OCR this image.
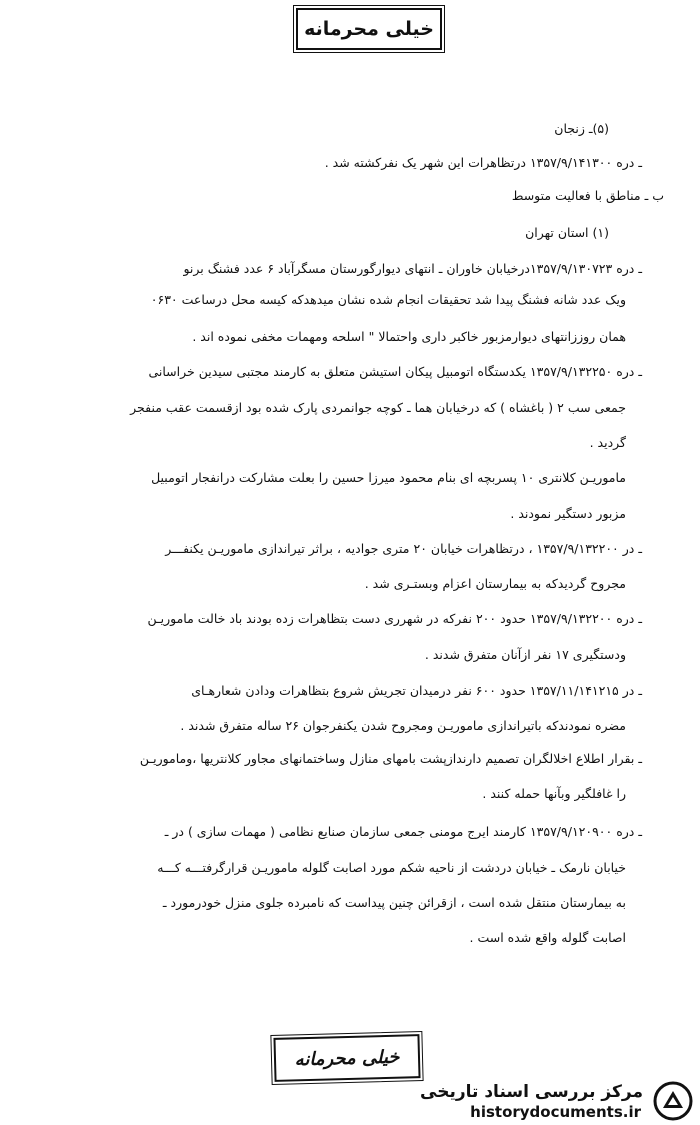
خیلی محرمانه
(۵)ـ زنجان
ـ دره ۱۳۵۷/۹/۱۴۱۳۰۰ درتظاهرات این شهر یک نفرکشته شد .
ب ـ مناطق با فعالیت متوسط
(۱) استان تهران
ـ دره ۱۳۵۷/۹/۱۳۰۷۲۳درخیابان خاوران ـ انتهای دیوارگورستان مسگرآباد ۶ عدد فشنگ برنو
ویک عدد شانه فشنگ پیدا شد تحقیقات انجام شده نشان میدهدکه کیسه محل درساعت ۰۶۳۰
همان روززانتهای دیوارمزبور خاکبر داری واحتمالا " اسلحه ومهمات مخفی نموده اند .
ـ دره ۱۳۵۷/۹/۱۳۲۲۵۰ یکدستگاه اتومبیل پیکان استیشن متعلق به کارمند مجتبی سیدین خراسانی
جمعی سب ۲ ( باغشاه ) که درخیابان هما ـ کوچه جوانمردی پارک شده بود ازقسمت عقب منفجر
گردید .
ماموریـن کلانتری ۱۰ پسربچه ای بنام محمود میرزا حسین را بعلت مشارکت درانفجار اتومبیل
مزبور دستگیر نمودند .
ـ در ۱۳۵۷/۹/۱۳۲۲۰۰ ، درتظاهرات خیابان ۲۰ متری جوادیه ، براثر تیراندازی ماموریـن یکنفـــر
مجروح گردیدکه به بیمارستان اعزام وبستـری شد .
ـ دره ۱۳۵۷/۹/۱۳۲۲۰۰ حدود ۲۰۰ نفرکه در شهرری دست بتظاهرات زده بودند باد خالت ماموریـن
ودستگیری ۱۷ نفر ازآنان متفرق شدند .
ـ در ۱۳۵۷/۱۱/۱۴۱۲۱۵ حدود ۶۰۰ نفر درمیدان تجریش شروع بتظاهرات ودادن شعارهـای
مضره نمودندکه باتیراندازی ماموریـن ومجروح شدن یکنفرجوان ۲۶ ساله متفرق شدند .
ـ بقرار اطلاع اخلالگران تصمیم دارندازپشت بامهای منازل وساختمانهای مجاور کلانتریها ،وماموریـن
را غافلگیر وبآنها حمله کنند .
ـ دره ۱۳۵۷/۹/۱۲۰۹۰۰ کارمند ایرج مومنی جمعی سازمان صنایع نظامی ( مهمات سازی ) در ـ
خیابان نارمک ـ خیابان دردشت از ناحیه شکم مورد اصابت گلوله ماموریـن قرارگرفتـــه کـــه
به بیمارستان منتقل شده است ، ازقرائن چنین پیداست که نامبرده جلوی منزل خودرمورد ـ
اصابت گلوله واقع شده است .
خیلی محرمانه
مرکز بررسی اسناد تاریخی
historydocuments.ir
